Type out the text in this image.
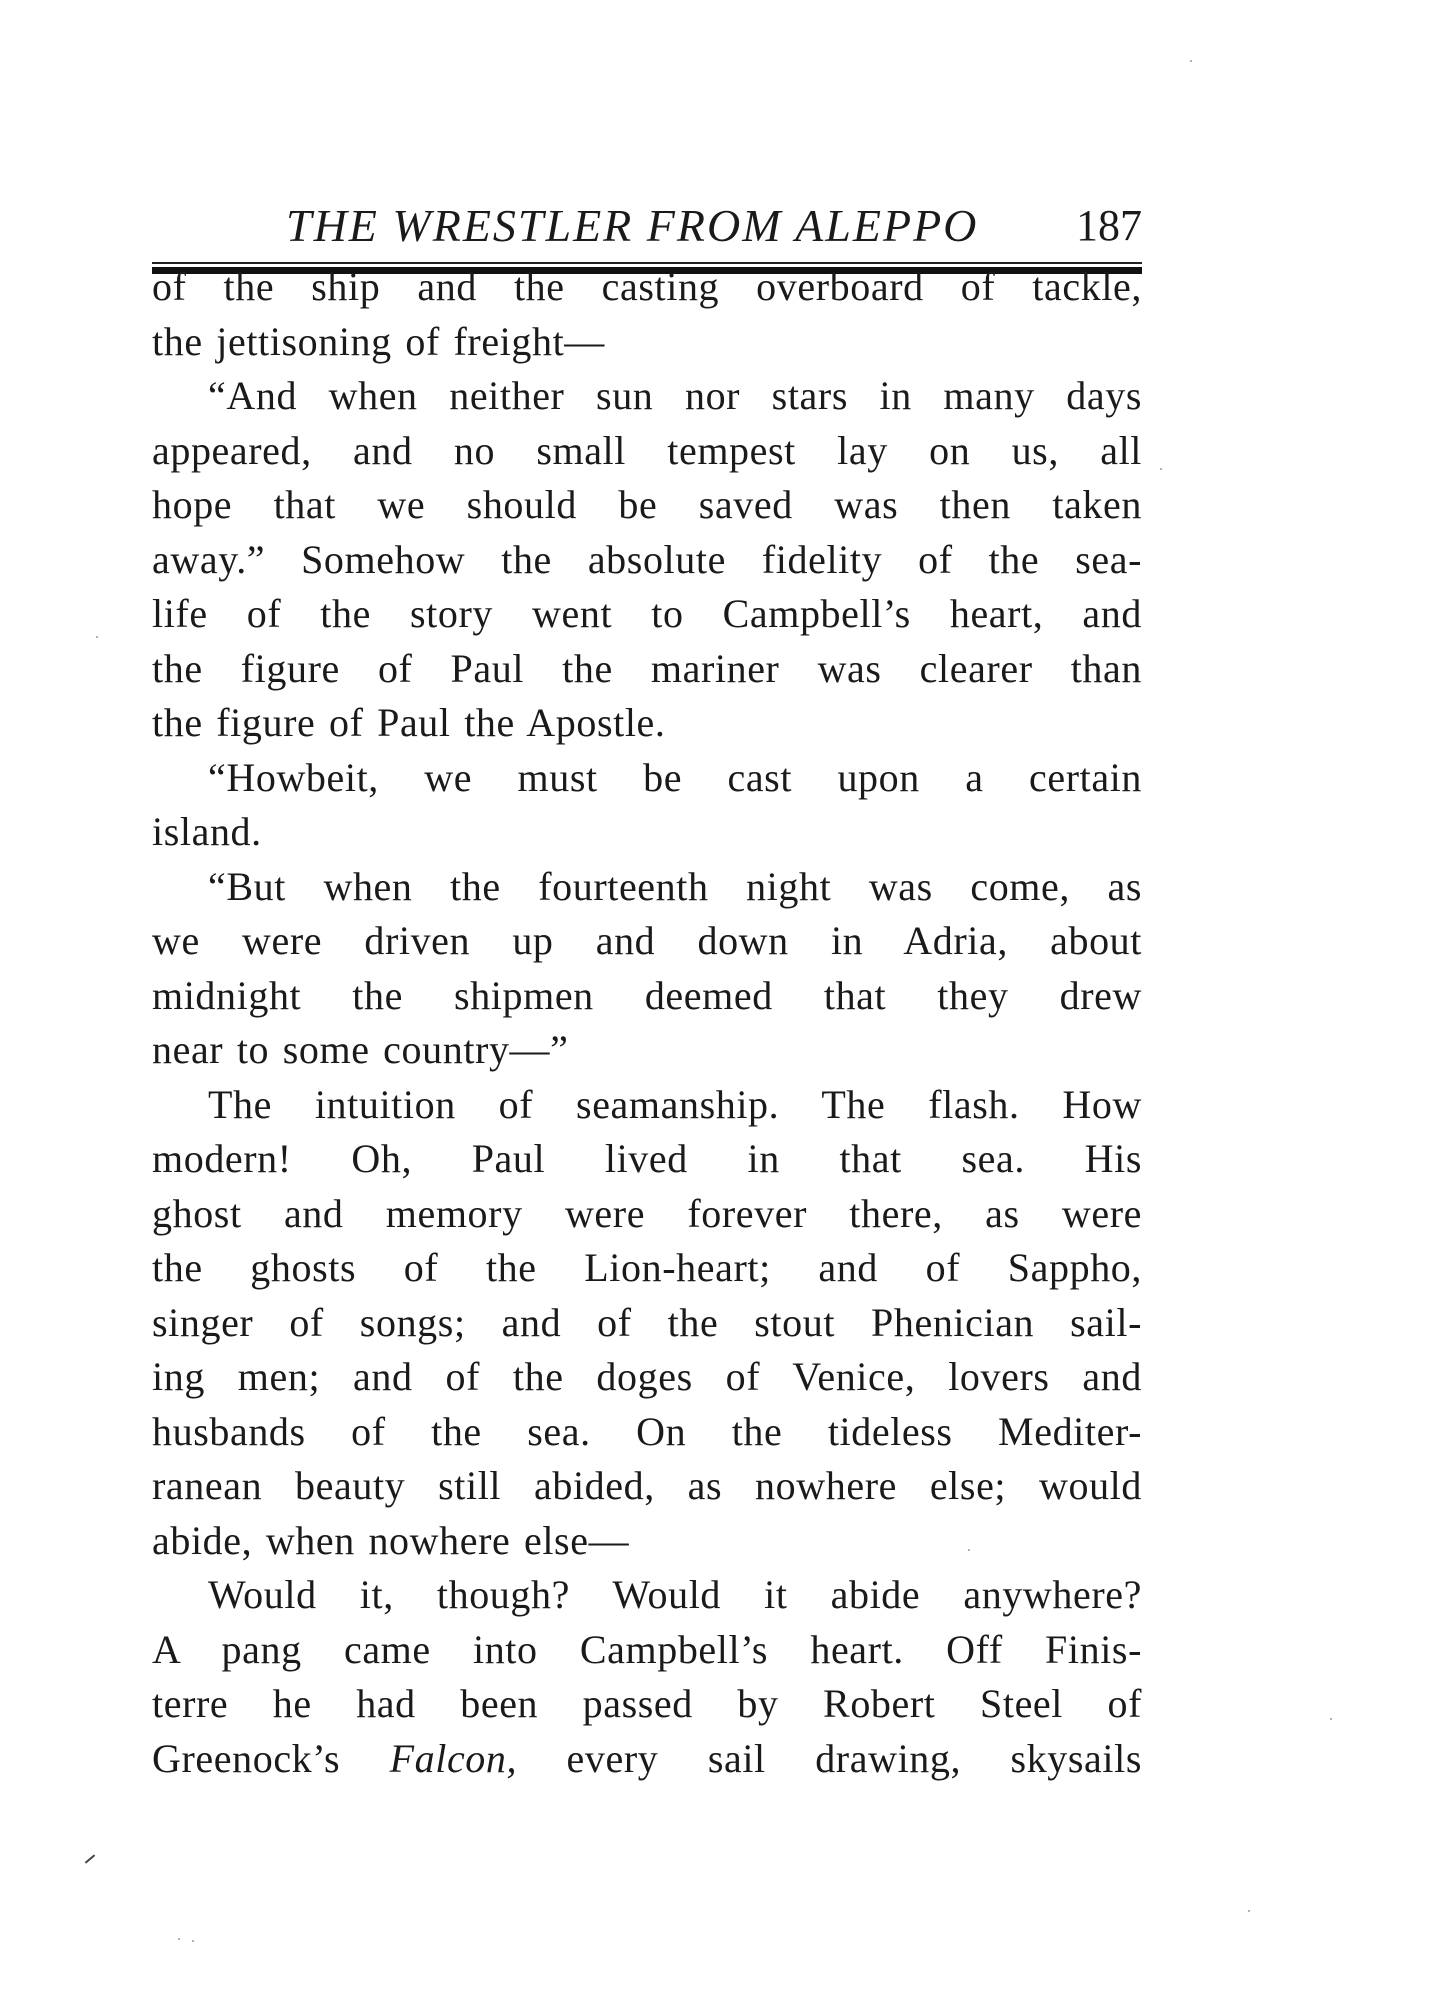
THE WRESTLER FROM ALEPPO 187

of the ship and the casting overboard of tackle,

the jettisoning of freight—

“And when neither sun nor stars in many days

appeared, and no small tempest lay on us, all

hope that we should be saved was then taken

away.” Somehow the absolute fidelity of the sea-

life of the story went to Campbell’s heart, and

the figure of Paul the mariner was clearer than

the figure of Paul the Apostle.

“Howbeit, we must be cast upon a certain

island.

“But when the fourteenth night was come, as

we were driven up and down in Adria, about

midnight the shipmen deemed that they drew

near to some country—”

The intuition of seamanship. The flash. How

modern! Oh, Paul lived in that sea. His

ghost and memory were forever there, as were

the ghosts of the Lion-heart; and of Sappho,

singer of songs; and of the stout Phenician sail-

ing men; and of the doges of Venice, lovers and

husbands of the sea. On the tideless Mediter-

ranean beauty still abided, as nowhere else; would

abide, when nowhere else—

Would it, though? Would it abide anywhere?

A pang came into Campbell’s heart. Off Finis-

terre he had been passed by Robert Steel of

Greenock’s Falcon, every sail drawing, skysails
